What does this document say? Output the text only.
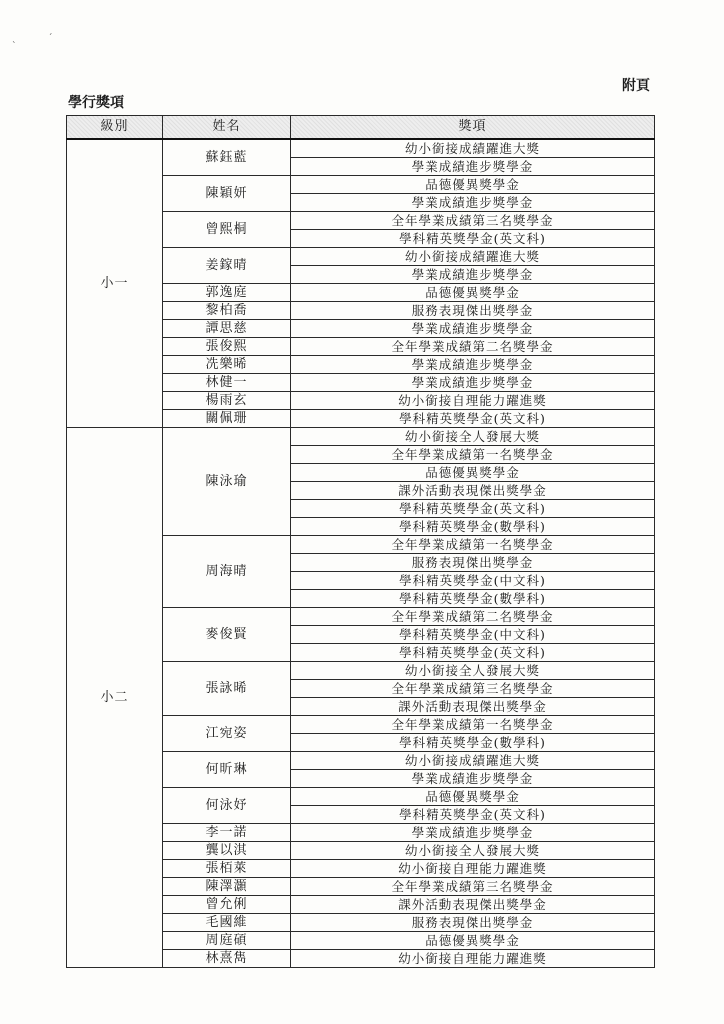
附頁
學行獎項
ˋ
ˊ
級別	姓名	獎項
小一	蘇鈺藍	幼小銜接成績躍進大獎
		學業成績進步獎學金
	陳穎妍	品德優異獎學金
		學業成績進步獎學金
	曾熙桐	全年學業成績第三名獎學金
		學科精英獎學金(英文科)
	姜鎵晴	幼小銜接成績躍進大獎
		學業成績進步獎學金
	郭逸庭	品德優異獎學金
	黎柏喬	服務表現傑出獎學金
	譚思慈	學業成績進步獎學金
	張俊熙	全年學業成績第二名獎學金
	冼樂晞	學業成績進步獎學金
	林健一	學業成績進步獎學金
	楊雨玄	幼小銜接自理能力躍進獎
	關佩珊	學科精英獎學金(英文科)
小二	陳泳瑜	幼小銜接全人發展大獎
		全年學業成績第一名獎學金
		品德優異獎學金
		課外活動表現傑出獎學金
		學科精英獎學金(英文科)
		學科精英獎學金(數學科)
	周海晴	全年學業成績第一名獎學金
		服務表現傑出獎學金
		學科精英獎學金(中文科)
		學科精英獎學金(數學科)
	麥俊賢	全年學業成績第二名獎學金
		學科精英獎學金(中文科)
		學科精英獎學金(英文科)
	張詠晞	幼小銜接全人發展大獎
		全年學業成績第三名獎學金
		課外活動表現傑出獎學金
	江宛姿	全年學業成績第一名獎學金
		學科精英獎學金(數學科)
	何昕琳	幼小銜接成績躍進大獎
		學業成績進步獎學金
	何泳妤	品德優異獎學金
		學科精英獎學金(英文科)
	李一諾	學業成績進步獎學金
	龔以淇	幼小銜接全人發展大獎
	張栢萊	幼小銜接自理能力躍進獎
	陳澤灝	全年學業成績第三名獎學金
	曾允俐	課外活動表現傑出獎學金
	毛國維	服務表現傑出獎學金
	周庭碩	品德優異獎學金
	林熹雋	幼小銜接自理能力躍進獎
